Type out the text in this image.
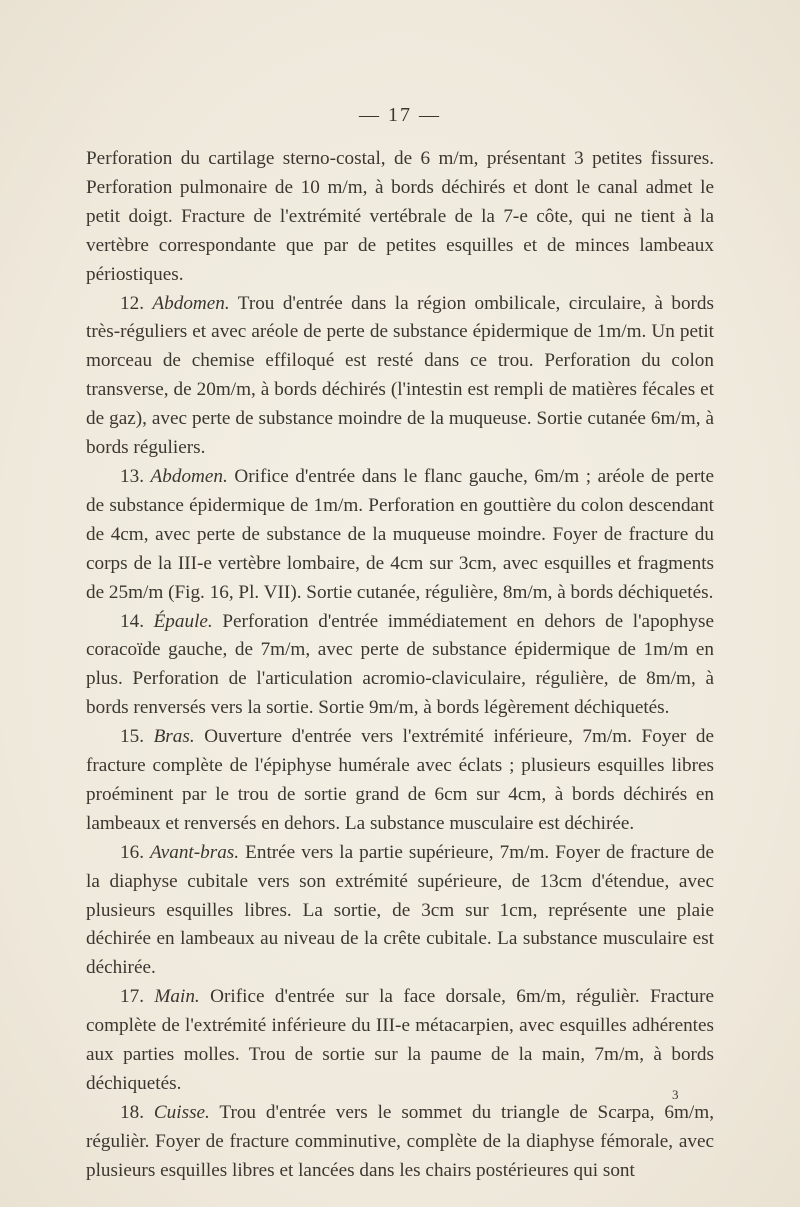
— 17 —

Perforation du cartilage sterno-costal, de 6 m/m, présentant 3 petites fissures. Perforation pulmonaire de 10 m/m, à bords déchirés et dont le canal admet le petit doigt. Fracture de l'extrémité vertébrale de la 7-e côte, qui ne tient à la vertèbre correspondante que par de petites esquilles et de minces lambeaux périostiques.

12. Abdomen. Trou d'entrée dans la région ombilicale, circulaire, à bords très-réguliers et avec aréole de perte de substance épidermique de 1m/m. Un petit morceau de chemise effiloqué est resté dans ce trou. Perforation du colon transverse, de 20m/m, à bords déchirés (l'intestin est rempli de matières fécales et de gaz), avec perte de substance moindre de la muqueuse. Sortie cutanée 6m/m, à bords réguliers.

13. Abdomen. Orifice d'entrée dans le flanc gauche, 6m/m ; aréole de perte de substance épidermique de 1m/m. Perforation en gouttière du colon descendant de 4cm, avec perte de substance de la muqueuse moindre. Foyer de fracture du corps de la III-e vertèbre lombaire, de 4cm sur 3cm, avec esquilles et fragments de 25m/m (Fig. 16, Pl. VII). Sortie cutanée, régulière, 8m/m, à bords déchiquetés.

14. Épaule. Perforation d'entrée immédiatement en dehors de l'apophyse coracoïde gauche, de 7m/m, avec perte de substance épidermique de 1m/m en plus. Perforation de l'articulation acromio-claviculaire, régulière, de 8m/m, à bords renversés vers la sortie. Sortie 9m/m, à bords légèrement déchiquetés.

15. Bras. Ouverture d'entrée vers l'extrémité inférieure, 7m/m. Foyer de fracture complète de l'épiphyse humérale avec éclats ; plusieurs esquilles libres proéminent par le trou de sortie grand de 6cm sur 4cm, à bords déchirés en lambeaux et renversés en dehors. La substance musculaire est déchirée.

16. Avant-bras. Entrée vers la partie supérieure, 7m/m. Foyer de fracture de la diaphyse cubitale vers son extrémité supérieure, de 13cm d'étendue, avec plusieurs esquilles libres. La sortie, de 3cm sur 1cm, représente une plaie déchirée en lambeaux au niveau de la crête cubitale. La substance musculaire est déchirée.

17. Main. Orifice d'entrée sur la face dorsale, 6m/m, régulièr. Fracture complète de l'extrémité inférieure du III-e métacarpien, avec esquilles adhérentes aux parties molles. Trou de sortie sur la paume de la main, 7m/m, à bords déchiquetés.

18. Cuisse. Trou d'entrée vers le sommet du triangle de Scarpa, 6m/m, régulièr. Foyer de fracture comminutive, complète de la diaphyse fémorale, avec plusieurs esquilles libres et lancées dans les chairs postérieures qui sont

3
